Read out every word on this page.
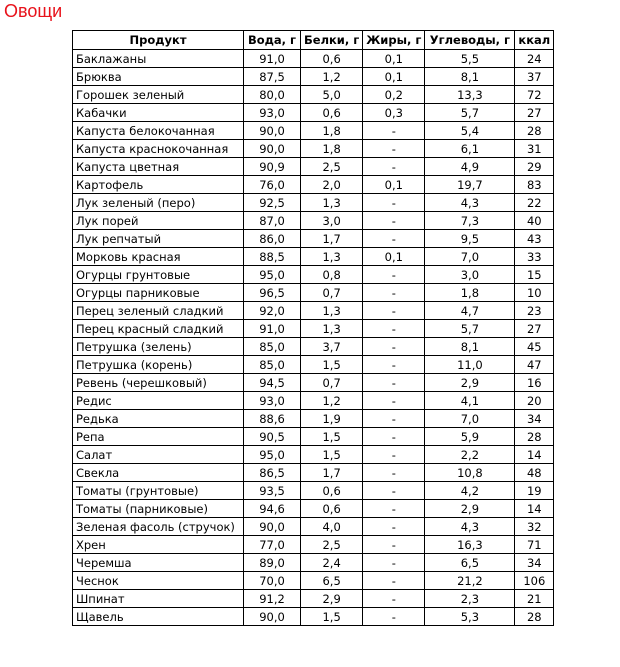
Овощи
Продукт	Вода, г	Белки, г	Жиры, г	Углеводы, г	ккал
Баклажаны	91,0	0,6	0,1	5,5	24
Брюква	87,5	1,2	0,1	8,1	37
Горошек зеленый	80,0	5,0	0,2	13,3	72
Кабачки	93,0	0,6	0,3	5,7	27
Капуста белокочанная	90,0	1,8	-	5,4	28
Капуста краснокочанная	90,0	1,8	-	6,1	31
Капуста цветная	90,9	2,5	-	4,9	29
Картофель	76,0	2,0	0,1	19,7	83
Лук зеленый (перо)	92,5	1,3	-	4,3	22
Лук порей	87,0	3,0	-	7,3	40
Лук репчатый	86,0	1,7	-	9,5	43
Морковь красная	88,5	1,3	0,1	7,0	33
Огурцы грунтовые	95,0	0,8	-	3,0	15
Огурцы парниковые	96,5	0,7	-	1,8	10
Перец зеленый сладкий	92,0	1,3	-	4,7	23
Перец красный сладкий	91,0	1,3	-	5,7	27
Петрушка (зелень)	85,0	3,7	-	8,1	45
Петрушка (корень)	85,0	1,5	-	11,0	47
Ревень (черешковый)	94,5	0,7	-	2,9	16
Редис	93,0	1,2	-	4,1	20
Редька	88,6	1,9	-	7,0	34
Репа	90,5	1,5	-	5,9	28
Салат	95,0	1,5	-	2,2	14
Свекла	86,5	1,7	-	10,8	48
Томаты (грунтовые)	93,5	0,6	-	4,2	19
Томаты (парниковые)	94,6	0,6	-	2,9	14
Зеленая фасоль (стручок)	90,0	4,0	-	4,3	32
Хрен	77,0	2,5	-	16,3	71
Черемша	89,0	2,4	-	6,5	34
Чеснок	70,0	6,5	-	21,2	106
Шпинат	91,2	2,9	-	2,3	21
Щавель	90,0	1,5	-	5,3	28
